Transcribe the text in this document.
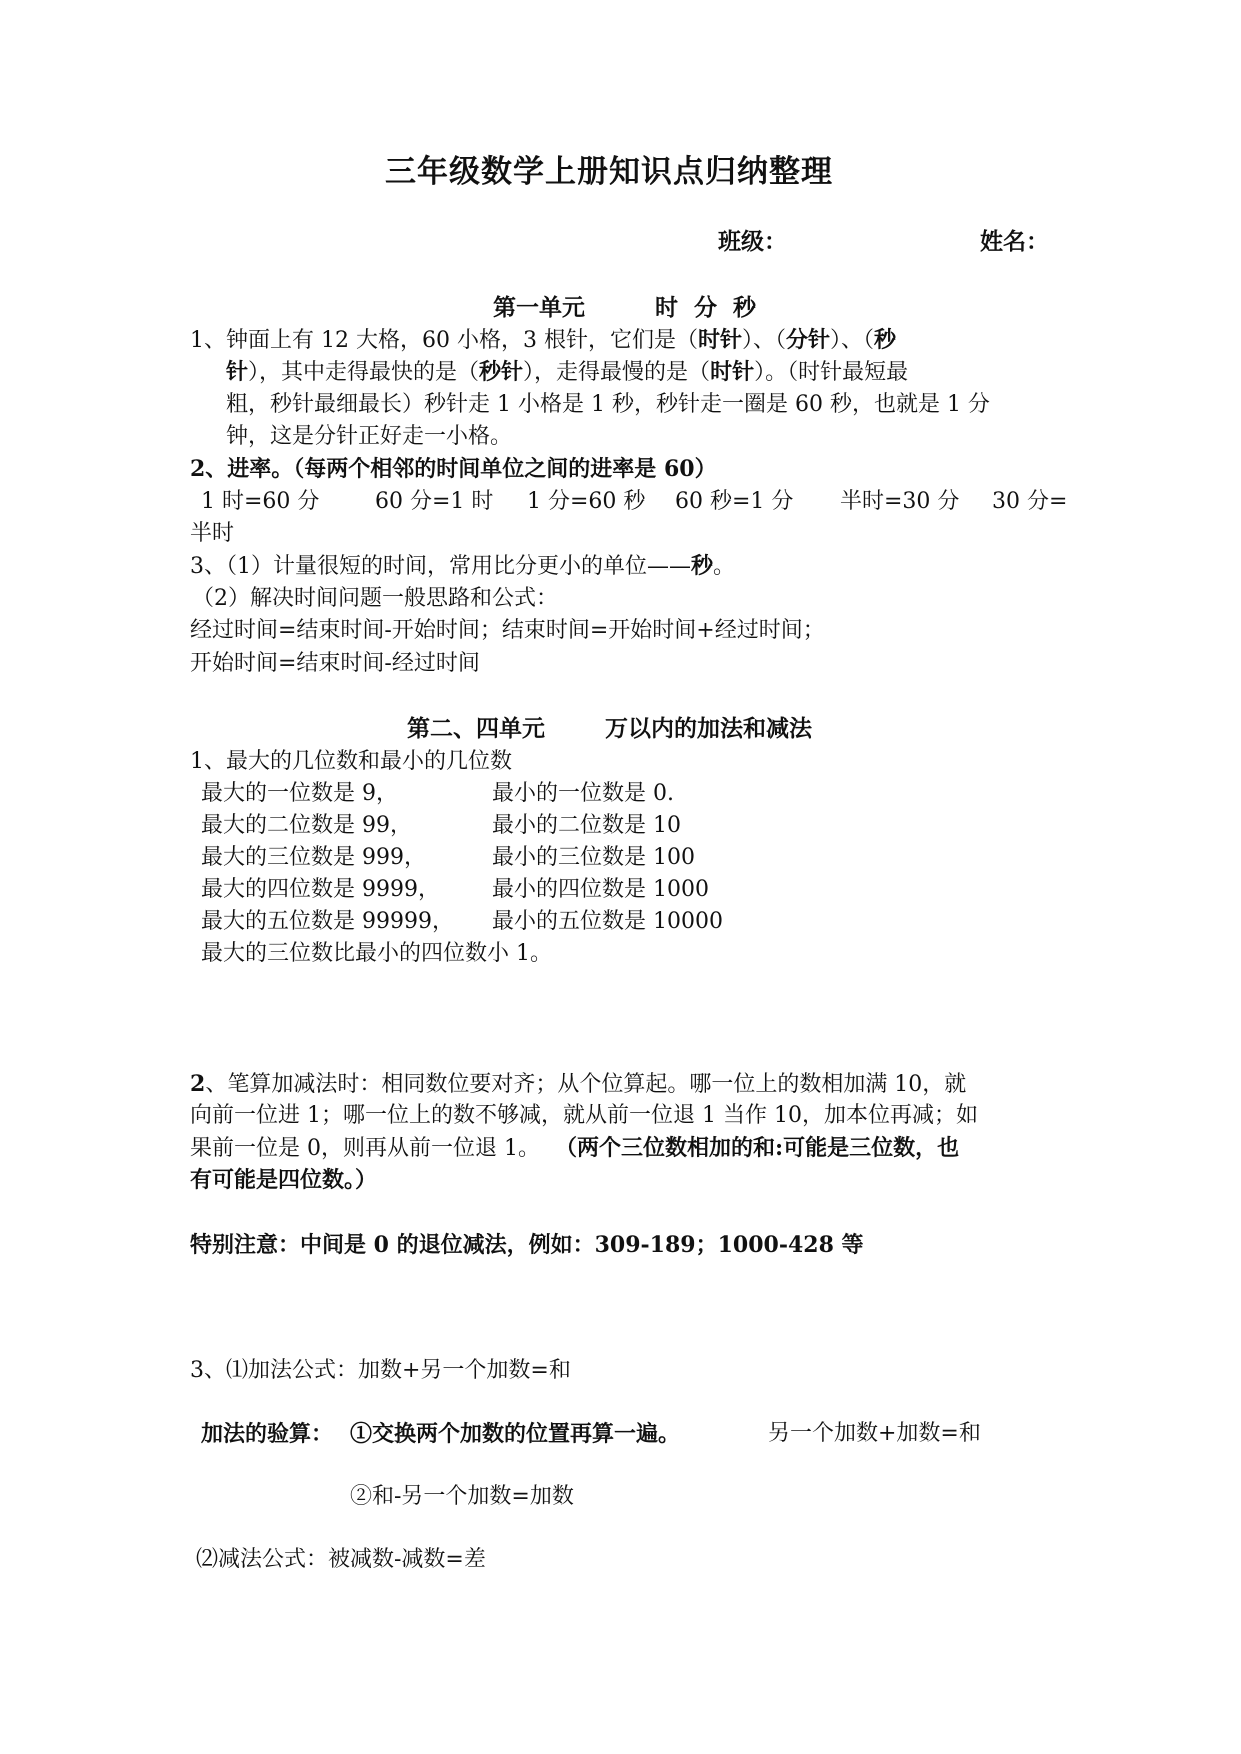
三年级数学上册知识点归纳整理
班级：	姓名：
第一单元	时  分  秒
1、钟面上有 12 大格，60 小格，3 根针，它们是（时针）、（分针）、（秒
针），其中走得最快的是（秒针），走得最慢的是（时针）。（时针最短最
粗，秒针最细最长）秒针走 1 小格是 1 秒，秒针走一圈是 60 秒，也就是 1 分
钟，这是分针正好走一小格。
2、进率。（每两个相邻的时间单位之间的进率是 60）
1 时=60 分	60 分=1 时 1 分=60 秒 60 秒=1 分 半时=30 分 30 分=
半时
3、（1）计量很短的时间，常用比分更小的单位——秒。
（2）解决时间问题一般思路和公式：
经过时间=结束时间-开始时间；结束时间=开始时间+经过时间；
开始时间=结束时间-经过时间
第二、四单元	万以内的加法和减法
1、最大的几位数和最小的几位数
最大的一位数是 9，	最小的一位数是 0.
最大的二位数是 99，	最小的二位数是 10
最大的三位数是 999，	最小的三位数是 100
最大的四位数是 9999， 最小的四位数是 1000
最大的五位数是 99999， 最小的五位数是 10000
最大的三位数比最小的四位数小 1。
2、笔算加减法时：相同数位要对齐；从个位算起。哪一位上的数相加满 10，就
向前一位进 1；哪一位上的数不够减，就从前一位退 1 当作 10，加本位再减；如
果前一位是 0，则再从前一位退 1。 （两个三位数相加的和:可能是三位数，也
有可能是四位数。）
特别注意：中间是 0 的退位减法，例如：309-189；1000-428 等
3、⑴加法公式：加数+另一个加数=和
加法的验算： ①交换两个加数的位置再算一遍。	另一个加数+加数=和
②和-另一个加数=加数
⑵减法公式：被减数-减数=差
